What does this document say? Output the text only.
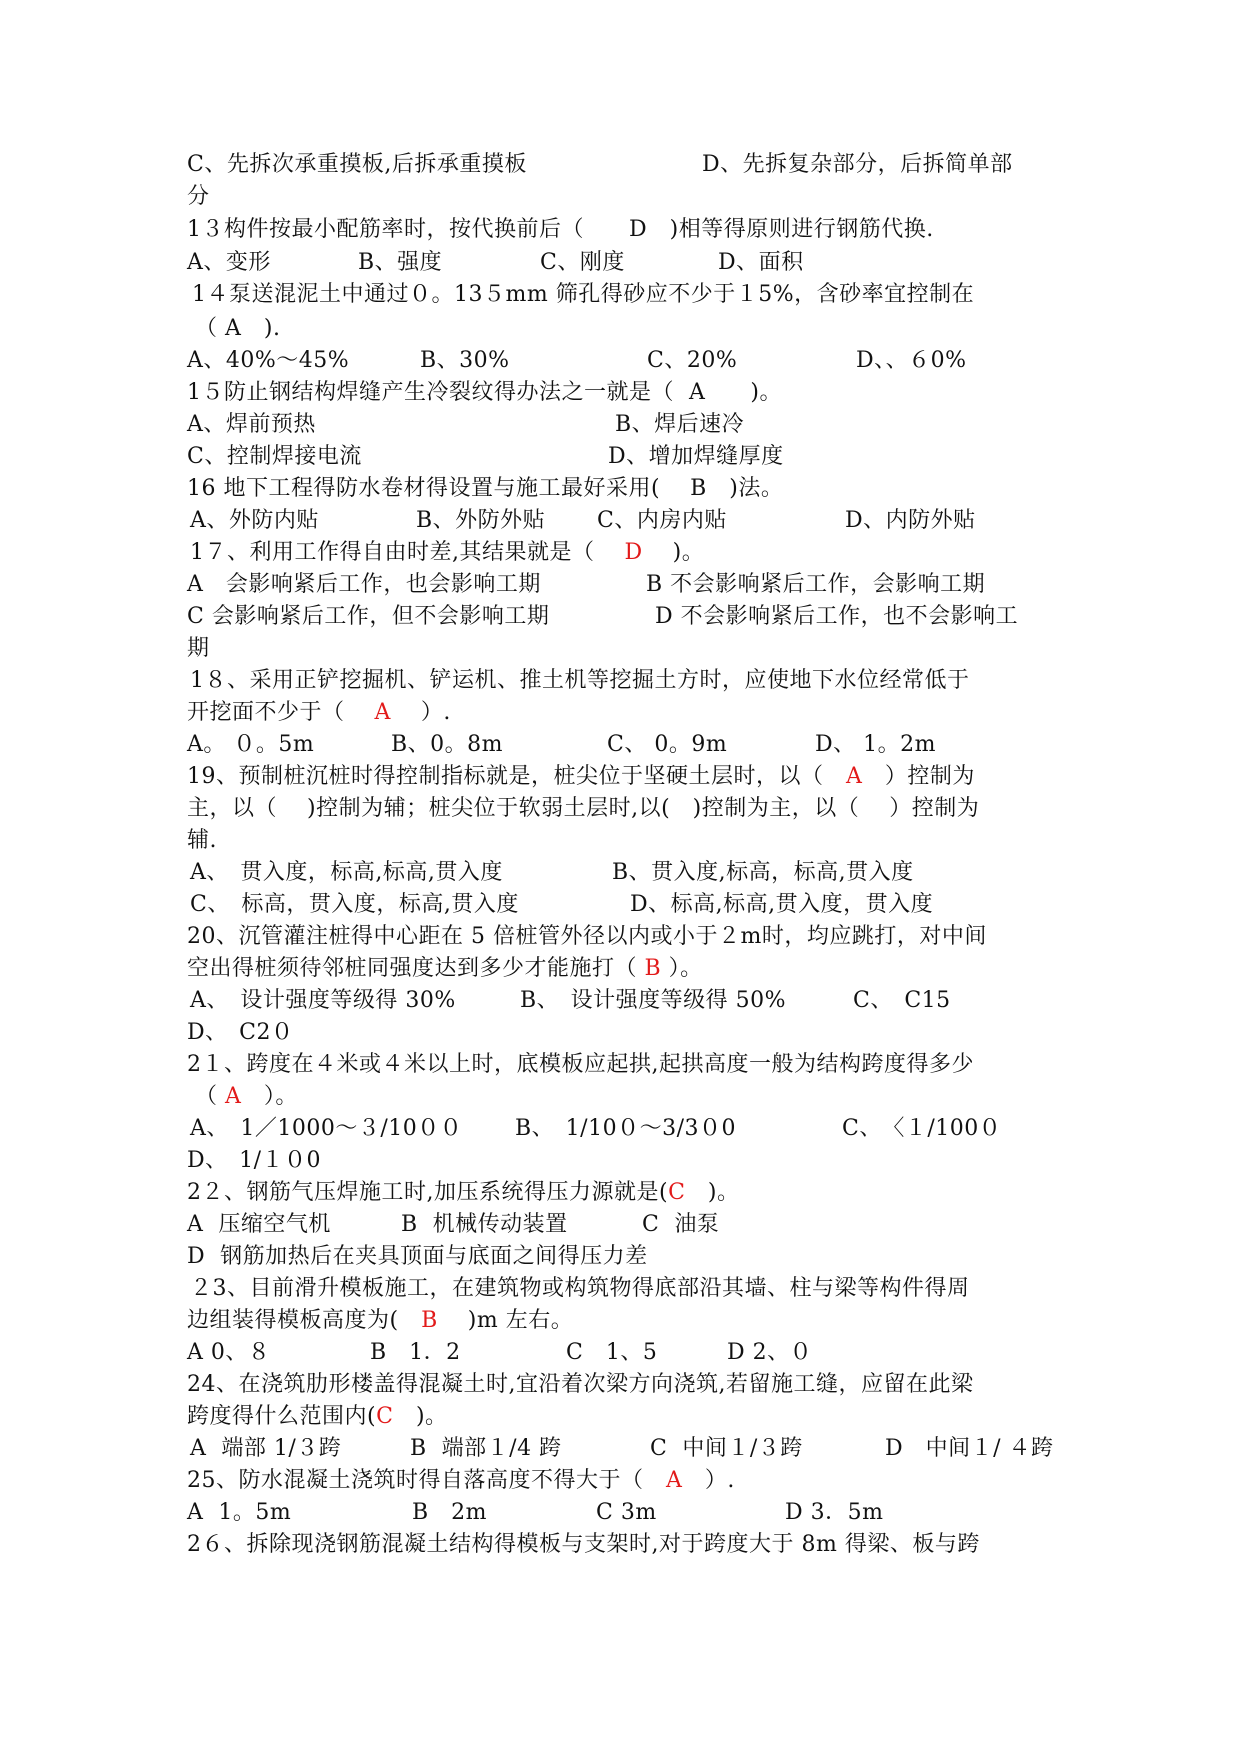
C、先拆次承重摸板,后拆承重摸板	D、先拆复杂部分，后拆简单部
分
1３构件按最小配筋率时，按代换前后（　　D　)相等得原则进行钢筋代换.
A、变形	B、强度	C、刚度	D、面积
1４泵送混泥土中通过０。13５mm 筛孔得砂应不少于１5%，含砂率宜控制在
（ A　).
A、40%～45%	B、30%	C、20%	D、、６0%
1５防止钢结构焊缝产生冷裂纹得办法之一就是（  A　　)。
A、焊前预热	B、焊后速冷
C、控制焊接电流	D、增加焊缝厚度
16 地下工程得防水卷材得设置与施工最好采用(　 B　)法。
A、外防内贴	B、外防外贴 C、内房内贴	D、内防外贴
1７、利用工作得自由时差,其结果就是（　 D　 )。
A　会影响紧后工作，也会影响工期	B 不会影响紧后工作，会影响工期
C 会影响紧后工作，但不会影响工期	D 不会影响紧后工作，也不会影响工
期
1８、采用正铲挖掘机、铲运机、推土机等挖掘土方时，应使地下水位经常低于
开挖面不少于（　 A　 ）.
A。 ０。5m	B、0。8m	C、 0。9m	D、 1。2m
19、预制桩沉桩时得控制指标就是，桩尖位于坚硬土层时，以（　A　）控制为
主，以（　 )控制为辅；桩尖位于软弱土层时,以(　)控制为主，以（　 ）控制为
辅.
A、　贯入度，标高,标高,贯入度	B、贯入度,标高，标高,贯入度
C、　标高，贯入度，标高,贯入度	D、标高,标高,贯入度，贯入度
20、沉管灌注桩得中心距在 5 倍桩管外径以内或小于２m时，均应跳打，对中间
空出得桩须待邻桩同强度达到多少才能施打（ B ）。
A、　设计强度等级得 30%	B、　设计强度等级得 50%	C、　C15
D、　C2０
2１、跨度在４米或４米以上时，底模板应起拱,起拱高度一般为结构跨度得多少
（ A　）。
A、　1／1000～３/10００ B、　1/10０～3/3０0	C、　〈１/100０
D、　1/１０0
2２、钢筋气压焊施工时,加压系统得压力源就是(C　)。
A  压缩空气机	B  机械传动装置	C  油泵
D  钢筋加热后在夹具顶面与底面之间得压力差
２3、目前滑升模板施工，在建筑物或构筑物得底部沿其墙、柱与梁等构件得周
边组装得模板高度为(　B　 )m 左右。
A 0、８	B　1．2	C　1、5	D 2、０
24、在浇筑肋形楼盖得混凝土时,宜沿着次梁方向浇筑,若留施工缝，应留在此梁
跨度得什么范围内(C　)。
A  端部 1/３跨	B  端部１/4 跨	C  中间１/３跨	D　中间１/ ４跨
25、防水混凝土浇筑时得自落高度不得大于（　A　）.
A  1。5m	B　2m	C 3m	D 3．5m
2６、拆除现浇钢筋混凝土结构得模板与支架时,对于跨度大于 8m 得梁、板与跨
